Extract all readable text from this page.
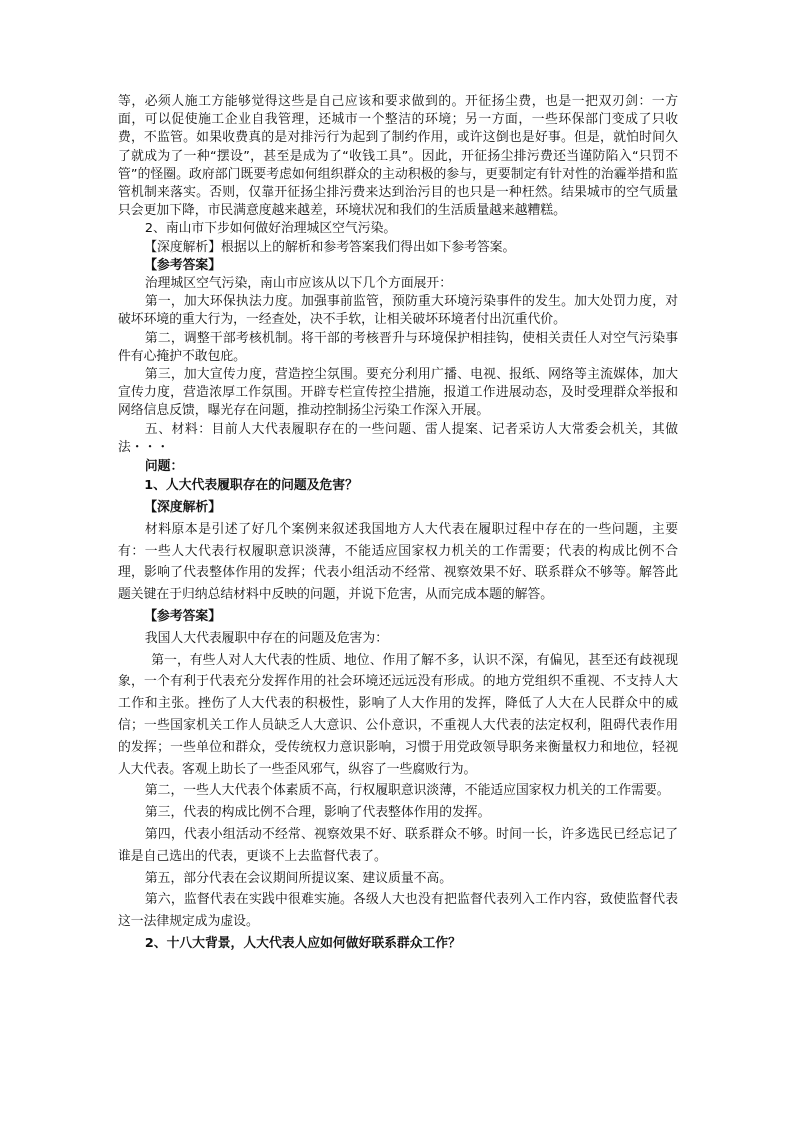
等，必须人施工方能够觉得这些是自己应该和要求做到的。开征扬尘费，也是一把双刃剑：一方面，可以促使施工企业自我管理，还城市一个整洁的环境；另一方面，一些环保部门变成了只收费，不监管。如果收费真的是对排污行为起到了制约作用，或许这倒也是好事。但是，就怕时间久了就成为了一种“摆设”，甚至是成为了“收钱工具”。因此，开征扬尘排污费还当谨防陷入“只罚不管”的怪圈。政府部门既要考虑如何组织群众的主动积极的参与，更要制定有针对性的治霾举措和监管机制来落实。否则，仅靠开征扬尘排污费来达到治污目的也只是一种枉然。结果城市的空气质量只会更加下降，市民满意度越来越差，环境状况和我们的生活质量越来越糟糕。

2、南山市下步如何做好治理城区空气污染。

【深度解析】根据以上的解析和参考答案我们得出如下参考答案。

【参考答案】

治理城区空气污染，南山市应该从以下几个方面展开：

第一，加大环保执法力度。加强事前监管，预防重大环境污染事件的发生。加大处罚力度，对破坏环境的重大行为，一经查处，决不手软，让相关破坏环境者付出沉重代价。

第二，调整干部考核机制。将干部的考核晋升与环境保护相挂钩，使相关责任人对空气污染事件有心掩护不敢包庇。

第三，加大宣传力度，营造控尘氛围。要充分利用广播、电视、报纸、网络等主流媒体，加大宣传力度，营造浓厚工作氛围。开辟专栏宣传控尘措施，报道工作进展动态，及时受理群众举报和网络信息反馈，曝光存在问题，推动控制扬尘污染工作深入开展。

五、材料：目前人大代表履职存在的一些问题、雷人提案、记者采访人大常委会机关，其做法・・・

问题：

1、人大代表履职存在的问题及危害？

【深度解析】

材料原本是引述了好几个案例来叙述我国地方人大代表在履职过程中存在的一些问题，主要有：一些人大代表行权履职意识淡薄，不能适应国家权力机关的工作需要；代表的构成比例不合理，影响了代表整体作用的发挥；代表小组活动不经常、视察效果不好、联系群众不够等。解答此题关键在于归纳总结材料中反映的问题，并说下危害，从而完成本题的解答。

【参考答案】

我国人大代表履职中存在的问题及危害为：

第一，有些人对人大代表的性质、地位、作用了解不多，认识不深，有偏见，甚至还有歧视现象，一个有利于代表充分发挥作用的社会环境还远远没有形成。的地方党组织不重视、不支持人大工作和主张。挫伤了人大代表的积极性，影响了人大作用的发挥，降低了人大在人民群众中的威信；一些国家机关工作人员缺乏人大意识、公仆意识，不重视人大代表的法定权利，阻碍代表作用的发挥；一些单位和群众，受传统权力意识影响，习惯于用党政领导职务来衡量权力和地位，轻视人大代表。客观上助长了一些歪风邪气，纵容了一些腐败行为。

第二，一些人大代表个体素质不高，行权履职意识淡薄，不能适应国家权力机关的工作需要。

第三，代表的构成比例不合理，影响了代表整体作用的发挥。

第四，代表小组活动不经常、视察效果不好、联系群众不够。时间一长，许多选民已经忘记了谁是自己选出的代表，更谈不上去监督代表了。

第五，部分代表在会议期间所提议案、建议质量不高。

第六，监督代表在实践中很难实施。各级人大也没有把监督代表列入工作内容，致使监督代表这一法律规定成为虚设。

2、十八大背景，人大代表人应如何做好联系群众工作？
